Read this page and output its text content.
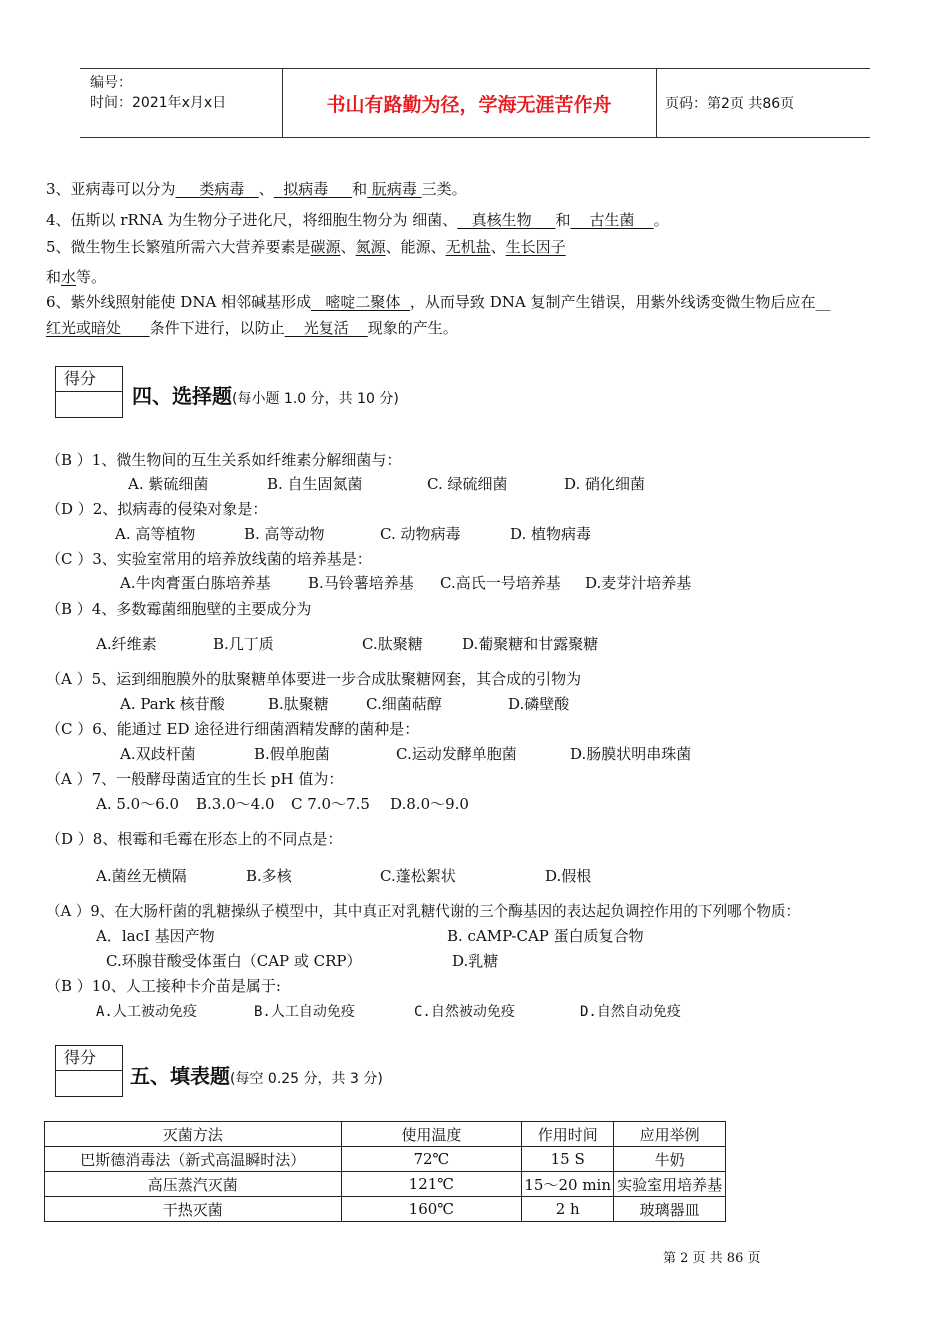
编号：
时间：2021年x月x日	书山有路勤为径，学海无涯苦作舟	页码：第2页 共86页
3、亚病毒可以分为     类病毒   、  拟病毒     和 朊病毒 三类。
4、伍斯以 rRNA 为生物分子进化尺，将细胞生物分为 细菌、   真核生物     和    古生菌    。
5、微生物生长繁殖所需六大营养要素是碳源、氮源、能源、无机盐、生长因子
和水等。
6、紫外线照射能使 DNA 相邻碱基形成   嘧啶二聚体  ，从而导致 DNA 复制产生错误，用紫外线诱变微生物后应在__
红光或暗处      条件下进行，以防止    光复活    现象的产生。
得分
四、选择题(每小题 1.0 分，共 10 分)
（B ）1、微生物间的互生关系如纤维素分解细菌与：
A. 紫硫细菌	B. 自生固氮菌	C. 绿硫细菌	D. 硝化细菌
（D ）2、拟病毒的侵染对象是：
A. 高等植物	B. 高等动物	C. 动物病毒	D. 植物病毒
（C ）3、实验室常用的培养放线菌的培养基是：
A.牛肉膏蛋白胨培养基 B.马铃薯培养基 C.高氏一号培养基 D.麦芽汁培养基
（B ）4、多数霉菌细胞壁的主要成分为
A.纤维素	B.几丁质	C.肽聚糖	D.葡聚糖和甘露聚糖
（A ）5、运到细胞膜外的肽聚糖单体要进一步合成肽聚糖网套，其合成的引物为
A. Park 核苷酸	B.肽聚糖 C.细菌萜醇	D.磷壁酸
（C ）6、能通过 ED 途径进行细菌酒精发酵的菌种是：
A.双歧杆菌	B.假单胞菌	C.运动发酵单胞菌	D.肠膜状明串珠菌
（A ）7、一般酵母菌适宜的生长 pH 值为：
A. 5.0～6.0 B.3.0～4.0 C 7.0～7.5 D.8.0～9.0
（D ）8、根霉和毛霉在形态上的不同点是：
A.菌丝无横隔	B.多核	C.蓬松絮状	D.假根
（A ）9、在大肠杆菌的乳糖操纵子模型中，其中真正对乳糖代谢的三个酶基因的表达起负调控作用的下列哪个物质：
A．lacI 基因产物	B. cAMP-CAP 蛋白质复合物
C.环腺苷酸受体蛋白（CAP 或 CRP）	D.乳糖
（B ）10、人工接种卡介苗是属于:
A.人工被动免疫	B.人工自动免疫	C.自然被动免疫	D.自然自动免疫
得分
五、填表题(每空 0.25 分，共 3 分)
灭菌方法	使用温度	作用时间	应用举例
巴斯德消毒法（新式高温瞬时法）	72℃	15 S	牛奶
高压蒸汽灭菌	121℃	15～20 min	实验室用培养基
干热灭菌	160℃	2 h	玻璃器皿
第 2 页 共 86 页
